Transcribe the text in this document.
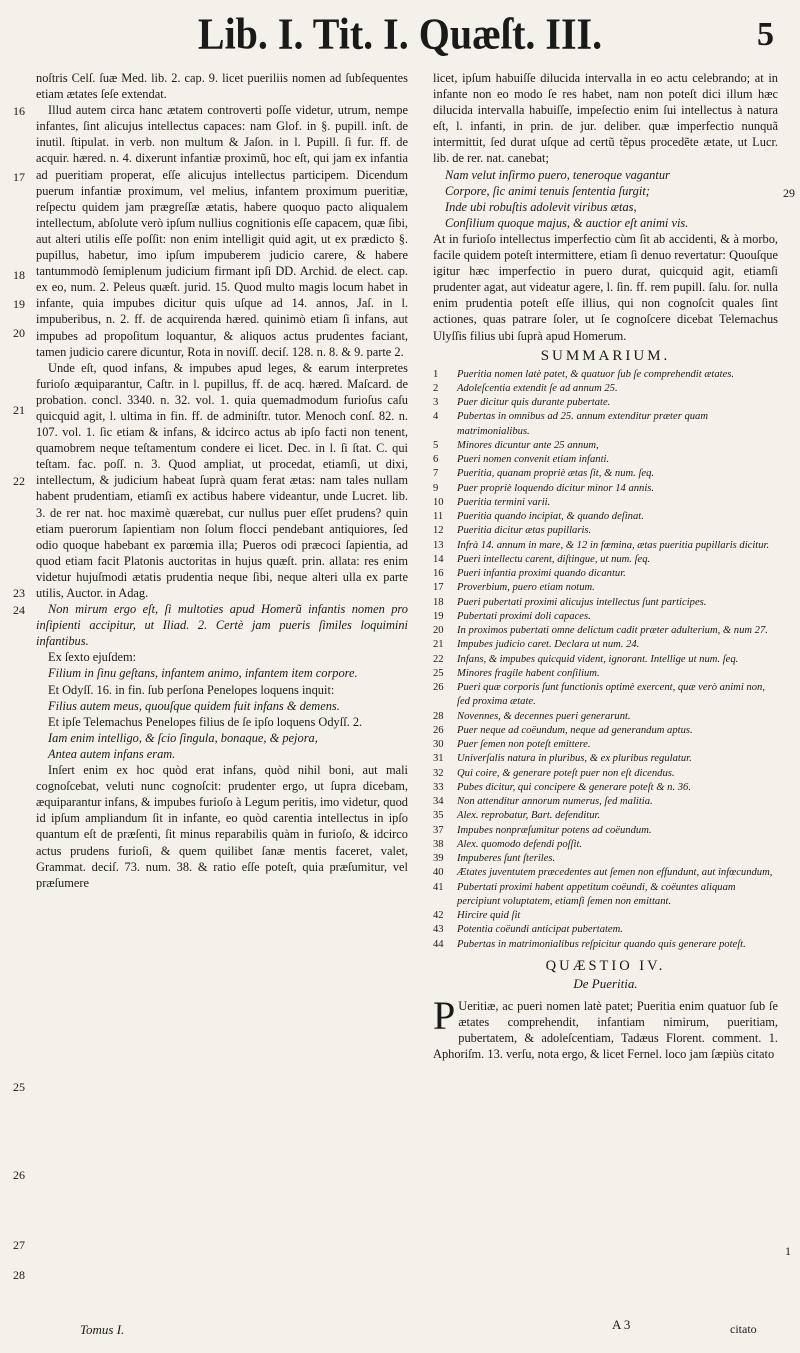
Lib. I. Tit. I. Quæſt. III.	5

noſtris Celſ. ſuæ Med. lib. 2. cap. 9. licet pueriliis nomen ad ſubſequentes etiam ætates ſeſe extendat.

Illud autem circa hanc ætatem controverti poſſe videtur, utrum, nempe infantes, ſint alicujus intellectus capaces: nam Glof. in §. pupill. inſt. de inutil. ſtipulat. in verb. non multum & Jaſon. in l. Pupill. ſi fur. ff. de acquir. hæred. n. 4. dixerunt infantiæ proximũ, hoc eſt, qui jam ex infantia ad pueritiam properat, eſſe alicujus intellectus participem. Dicendum puerum infantiæ proximum, vel melius, infantem proximum pueritiæ, reſpectu quidem jam prægreſſæ ætatis, habere quoquo pacto aliqualem intellectum, abſolute verò ipſum nullius cognitionis eſſe capacem, quæ ſibi, aut alteri utilis eſſe poſſit: non enim intelligit quid agit, ut ex prædicto §. pupillus, habetur, imo ipſum impuberem judicio carere, & habere tantummodò ſemiplenum judicium firmant ipſi DD. Archid. de elect. cap. ex eo, num. 2. Peleus quæſt. jurid. 15. Quod multo magis locum habet in infante, quia impubes dicitur quis uſque ad 14. annos, Jaſ. in l. impuberibus, n. 2. ff. de acquirenda hæred. quinimò etiam ſi infans, aut impubes ad propoſitum loquantur, & aliquos actus prudentes faciant, tamen judicio carere dicuntur, Rota in noviſſ. deciſ. 128. n. 8. & 9. parte 2.

Unde eſt, quod infans, & impubes apud leges, & earum interpretes furioſo æquiparantur, Caſtr. in l. pupillus, ff. de acq. hæred. Maſcard. de probation. concl. 3340. n. 32. vol. 1. quia quemadmodum furioſus caſu quicquid agit, l. ultima in fin. ff. de adminiſtr. tutor. Menoch conſ. 82. n. 107. vol. 1. ſic etiam & infans, & idcirco actus ab ipſo facti non tenent, quamobrem neque teſtamentum condere ei licet. Dec. in l. ſi ſtat. C. qui teſtam. fac. poſſ. n. 3. Quod ampliat, ut procedat, etiamſi, ut dixi, intellectum, & judicium habeat ſuprà quam ferat ætas: nam tales nullam habent prudentiam, etiamſi ex actibus habere videantur, unde Lucret. lib. 3. de rer nat. hoc maximè quærebat, cur nullus puer eſſet prudens? quin etiam puerorum ſapientiam non ſolum flocci pendebant antiquiores, ſed odio quoque habebant ex parœmia illa; Pueros odi præcoci ſapientia, ad quod etiam facit Platonis auctoritas in hujus quæſt. prin. allata: res enim videtur hujuſmodi ætatis prudentia neque ſibi, neque alteri ulla ex parte utilis, Auctor. in Adag.

Non mirum ergo eſt, ſi multoties apud Homerũ infantis nomen pro inſipienti accipitur, ut Iliad. 2. Certè jam pueris ſimiles loquimini infantibus.

Ex ſexto ejuſdem:

Filium in ſinu geſtans, infantem animo, infantem item corpore.

Et Odyſſ. 16. in fin. ſub perſona Penelopes loquens inquit:

Filius autem meus, quouſque quidem fuit infans & demens.

Et ipſe Telemachus Penelopes filius de ſe ipſo loquens Odyſſ. 2.

Iam enim intelligo, & ſcio ſingula, bonaque, & pejora,

Antea autem infans eram.

Inſert enim ex hoc quòd erat infans, quòd nihil boni, aut mali cognoſcebat, veluti nunc cognoſcit: prudenter ergo, ut ſupra dicebam, æquiparantur infans, & impubes furioſo à Legum peritis, imo videtur, quod id ipſum ampliandum ſit in infante, eo quòd carentia intellectus in ipſo quantum eſt de præſenti, ſit minus reparabilis quàm in furioſo, & idcirco actus prudens furioſi, & quem quilibet ſanæ mentis faceret, valet, Grammat. deciſ. 73. num. 38. & ratio eſſe poteſt, quia præſumitur, vel præſumere

licet, ipſum habuiſſe dilucida intervalla in eo actu celebrando; at in infante non eo modo ſe res habet, nam non poteſt dici illum hæc dilucida intervalla habuiſſe, impeſectio enim ſui intellectus à natura eſt, l. infanti, in prin. de jur. deliber. quæ imperfectio nunquã intermittit, ſed durat uſque ad certũ tẽpus procedẽte ætate, ut Lucr. lib. de rer. nat. canebat;

Nam velut inſirmo puero, teneroque vagantur
Corpore, ſic animi tenuis ſententia ſurgit;
Inde ubi robuſtis adolevit viribus ætas,
Conſilium quoque majus, & auctior eſt animi vis.

At in furioſo intellectus imperfectio cùm ſit ab accidenti, & à morbo, facile quidem poteſt intermittere, etiam ſi denuo revertatur: Quouſque igitur hæc imperfectio in puero durat, quicquid agit, etiamſi prudenter agat, aut videatur agere, l. ſin. ff. rem pupill. ſalu. ſor. nulla enim prudentia poteſt eſſe illius, qui non cognoſcit quales ſint actiones, quas patrare ſoler, ut ſe cognoſcere dicebat Telemachus Ulyſſis filius ubi ſuprà apud Homerum.

SUMMARIUM.
1	Pueritia nomen latè patet, & quatuor ſub ſe comprehendit ætates.
2	Adoleſcentia extendit ſe ad annum 25.
3	Puer dicitur quis durante pubertate.
4	Pubertas in omnibus ad 25. annum extenditur præter quam matrimonialibus.
5	Minores dicuntur ante 25 annum,
6	Pueri nomen convenit etiam infanti.
7	Pueritia, quanam propriè ætas ſit, & num. ſeq.
9	Puer propriè loquendo dicitur minor 14 annis.
10	Pueritia termini varii.
11	Pueritia quando incipiat, & quando deſinat.
12	Pueritia dicitur ætas pupillaris.
13	Infrà 14. annum in mare, & 12 in fœmina, ætas pueritia pupillaris dicitur.
14	Pueri intellectu carent, diſtingue, ut num. ſeq.
16	Pueri infantia proximi quando dicantur.
17	Proverbium, puero etiam notum.
18	Pueri pubertati proximi alicujus intellectus ſunt participes.
19	Pubertati proximi doli capaces.
20	In proximos pubertati omne delictum cadit præter adulterium, & num 27.
21	Impubes judicio caret. Declara ut num. 24.
22	Infans, & impubes quicquid vident, ignorant. Intellige ut num. ſeq.
25	Minores fragile habent conſilium.
26	Pueri quæ corporis ſunt functionis optimè exercent, quæ verò animi non, ſed proxima ætate.
28	Novennes, & decennes pueri generarunt.
26	Puer neque ad coëundum, neque ad generandum aptus.
30	Puer ſemen non poteſt emittere.
31	Univerſalis natura in pluribus, & ex pluribus regulatur.
32	Qui coire, & generare poteſt puer non eſt dicendus.
33	Pubes dicitur, qui concipere & generare poteſt & n. 36.
34	Non attenditur annorum numerus, ſed malitia.
35	Alex. reprobatur, Bart. defenditur.
37	Impubes nonpræſumitur potens ad coëundum.
38	Alex. quomodo defendi poſſit.
39	Impuberes ſunt ſteriles.
40	Ætates juventutem præcedentes aut ſemen non effundunt, aut infœcundum,
41	Pubertati proximi habent appetitum coëundi, & coëuntes aliquam percipiunt voluptatem, etiamſi ſemen non emittant.
42	Hircire quid ſit
43	Potentia coëundi anticipat pubertatem.
44	Pubertas in matrimonialibus reſpicitur quando quis generare poteſt.
QUÆSTIO IV.
De Pueritia.

P Ueritiæ, ac pueri nomen latè patet; Pueritia enim quatuor ſub ſe ætates comprehendit, infantiam nimirum, pueritiam, pubertatem, & adoleſcentiam, Tadæus Florent. comment. 1. Aphoriſm. 13. verſu, nota ergo, & licet Fernel. loco jam ſæpiùs citato

Tomus I.	A 3	citato
16
17
18
19
20
21
22
23
24
25
26
27
28
29
1
